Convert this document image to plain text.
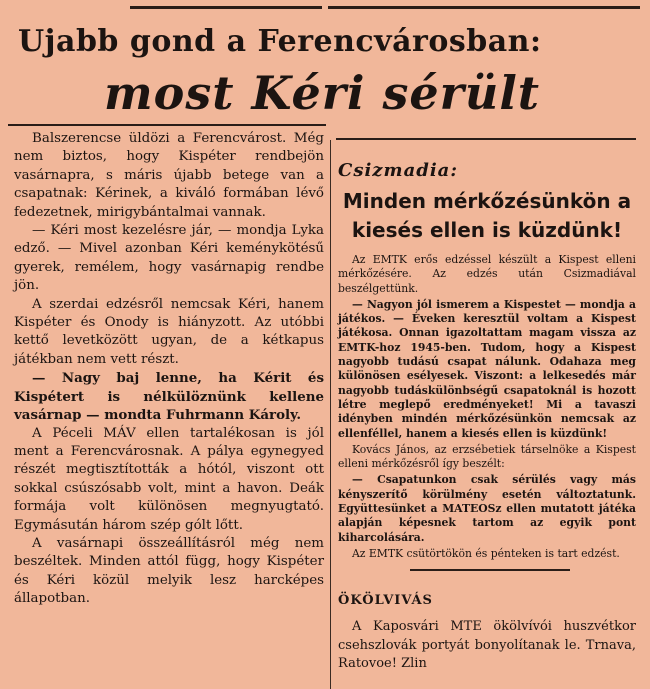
Ujabb gond a Ferencvárosban:
most Kéri sérült

Balszerencse üldözi a Ferencvárost. Még nem biztos, hogy Kispéter rendbejön vasárnapra, s máris újabb betege van a csapatnak: Kérinek, a kiváló formában lévő fedezetnek, mirigybántalmai vannak.

— Kéri most kezelésre jár, — mondja Lyka edző. — Mivel azonban Kéri keménykötésű gyerek, remélem, hogy vasárnapig rendbe jön.

A szerdai edzésről nemcsak Kéri, hanem Kispéter és Onody is hiányzott. Az utóbbi kettő levetközött ugyan, de a kétkapus játékban nem vett részt.

— Nagy baj lenne, ha Kérit és Kispétert is nélkülöznünk kellene vasárnap — mondta Fuhrmann Károly.

A Péceli MÁV ellen tartalékosan is jól ment a Ferencvárosnak. A pálya egynegyed részét megtisztították a hótól, viszont ott sokkal csúszósabb volt, mint a havon. Deák formája volt különösen megnyugtató. Egymásután három szép gólt lőtt.

A vasárnapi összeállításról még nem beszéltek. Minden attól függ, hogy Kispéter és Kéri közül melyik lesz harcképes állapotban.

Csizmadia:
Minden mérkőzésünkön a kiesés ellen is küzdünk!

Az EMTK erős edzéssel készült a Kispest elleni mérkőzésére. Az edzés után Csizmadiával beszélgettünk.

— Nagyon jól ismerem a Kispestet — mondja a játékos. — Éveken keresztül voltam a Kispest játékosa. Onnan igazoltattam magam vissza az EMTK-hoz 1945-ben. Tudom, hogy a Kispest nagyobb tudású csapat nálunk. Odahaza meg különösen esélyesek. Viszont: a lelkesedés már nagyobb tudáskülönbségű csapatoknál is hozott létre meglepő eredményeket! Mi a tavaszi idényben mindén mérkőzésünkön nemcsak az ellenféllel, hanem a kiesés ellen is küzdünk!

Kovács János, az erzsébetiek társelnöke a Kispest elleni mérkőzésről így beszélt:

— Csapatunkon csak sérülés vagy más kényszerítő körülmény esetén változtatunk. Együttesünket a MATEOSz ellen mutatott játéka alapján képesnek tartom az egyik pont kiharcolására.

Az EMTK csütörtökön és pénteken is tart edzést.

ÖKÖLVIVÁS

A Kaposvári MTE ökölvívói huszvétkor csehszlovák portyát bonyolítanak le. Trnava, Ratovoe! Zlin
